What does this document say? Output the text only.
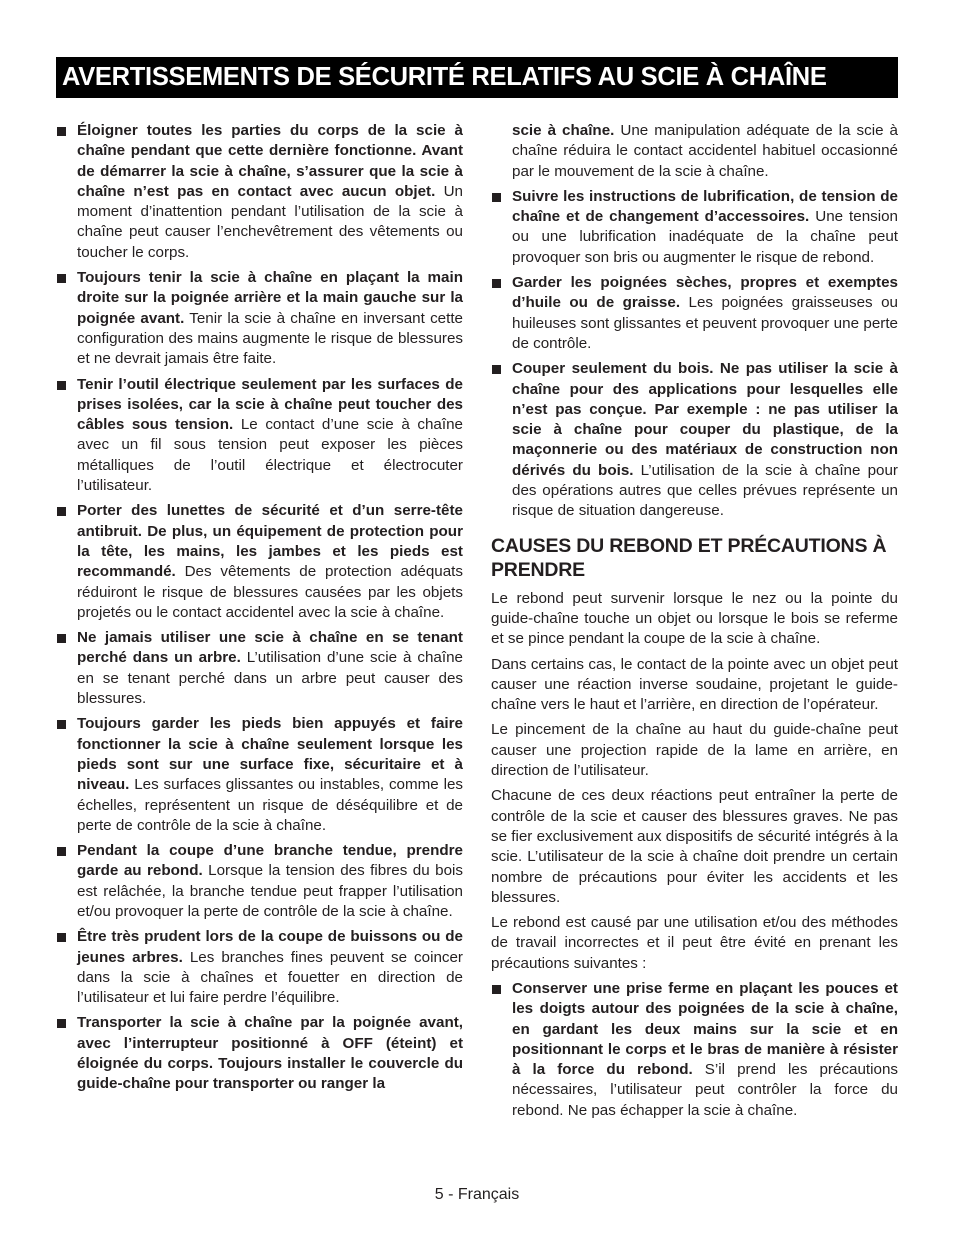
AVERTISSEMENTS DE SÉCURITÉ RELATIFS AU SCIE À CHAÎNE

Éloigner toutes les parties du corps de la scie à chaîne pendant que cette dernière fonctionne. Avant de démarrer la scie à chaîne, s’assurer que la scie à chaîne n’est pas en contact avec aucun objet. Un moment d’inattention pendant l’utilisation de la scie à chaîne peut causer l’enchevêtrement des vêtements ou toucher le corps.

Toujours tenir la scie à chaîne en plaçant la main droite sur la poignée arrière et la main gauche sur la poignée avant. Tenir la scie à chaîne en inversant cette configuration des mains augmente le risque de blessures et ne devrait jamais être faite.

Tenir l’outil électrique seulement par les surfaces de prises isolées, car la scie à chaîne peut toucher des câbles sous tension. Le contact d’une scie à chaîne avec un fil sous tension peut exposer les pièces métalliques de l’outil électrique et électrocuter l’utilisateur.

Porter des lunettes de sécurité et d’un serre-tête antibruit. De plus, un équipement de protection pour la tête, les mains, les jambes et les pieds est recommandé. Des vêtements de protection adéquats réduiront le risque de blessures causées par les objets projetés ou le contact accidentel avec la scie à chaîne.

Ne jamais utiliser une scie à chaîne en se tenant perché dans un arbre. L’utilisation d’une scie à chaîne en se tenant perché dans un arbre peut causer des blessures.

Toujours garder les pieds bien appuyés et faire fonctionner la scie à chaîne seulement lorsque les pieds sont sur une surface fixe, sécuritaire et à niveau. Les surfaces glissantes ou instables, comme les échelles, représentent un risque de déséquilibre et de perte de contrôle de la scie à chaîne.

Pendant la coupe d’une branche tendue, prendre garde au rebond. Lorsque la tension des fibres du bois est relâchée, la branche tendue peut frapper l’utilisation et/ou provoquer la perte de contrôle de la scie à chaîne.

Être très prudent lors de la coupe de buissons ou de jeunes arbres. Les branches fines peuvent se coincer dans la scie à chaînes et fouetter en direction de l’utilisateur et lui faire perdre l’équilibre.

Transporter la scie à chaîne par la poignée avant, avec l’interrupteur positionné à OFF (éteint) et éloignée du corps. Toujours installer le couvercle du guide-chaîne pour transporter ou ranger la

scie à chaîne. Une manipulation adéquate de la scie à chaîne réduira le contact accidentel habituel occasionné par le mouvement de la scie à chaîne.

Suivre les instructions de lubrification, de tension de chaîne et de changement d’accessoires. Une tension ou une lubrification inadéquate de la chaîne peut provoquer son bris ou augmenter le risque de rebond.

Garder les poignées sèches, propres et exemptes d’huile ou de graisse. Les poignées graisseuses ou huileuses sont glissantes et peuvent provoquer une perte de contrôle.

Couper seulement du bois. Ne pas utiliser la scie à chaîne pour des applications pour lesquelles elle n’est pas conçue. Par exemple : ne pas utiliser la scie à chaîne pour couper du plastique, de la maçonnerie ou des matériaux de construction non dérivés du bois. L’utilisation de la scie à chaîne pour des opérations autres que celles prévues représente un risque de situation dangereuse.

CAUSES DU REBOND ET PRÉCAUTIONS À PRENDRE

Le rebond peut survenir lorsque le nez ou la pointe du guide-chaîne touche un objet ou lorsque le bois se referme et se pince pendant la coupe de la scie à chaîne.

Dans certains cas, le contact de la pointe avec un objet peut causer une réaction inverse soudaine, projetant le guide-chaîne vers le haut et l’arrière, en direction de l’opérateur.

Le pincement de la chaîne au haut du guide-chaîne peut causer une projection rapide de la lame en arrière, en direction de l’utilisateur.

Chacune de ces deux réactions peut entraîner la perte de contrôle de la scie et causer des blessures graves. Ne pas se fier exclusivement aux dispositifs de sécurité intégrés à la scie. L’utilisateur de la scie à chaîne doit prendre un certain nombre de précautions pour éviter les accidents et les blessures.

Le rebond est causé par une utilisation et/ou des méthodes de travail incorrectes et il peut être évité en prenant les précautions suivantes :

Conserver une prise ferme en plaçant les pouces et les doigts autour des poignées de la scie à chaîne, en gardant les deux mains sur la scie et en positionnant le corps et le bras de manière à résister à la force du rebond. S’il prend les précautions nécessaires, l’utilisateur peut contrôler la force du rebond. Ne pas échapper la scie à chaîne.

5 - Français
